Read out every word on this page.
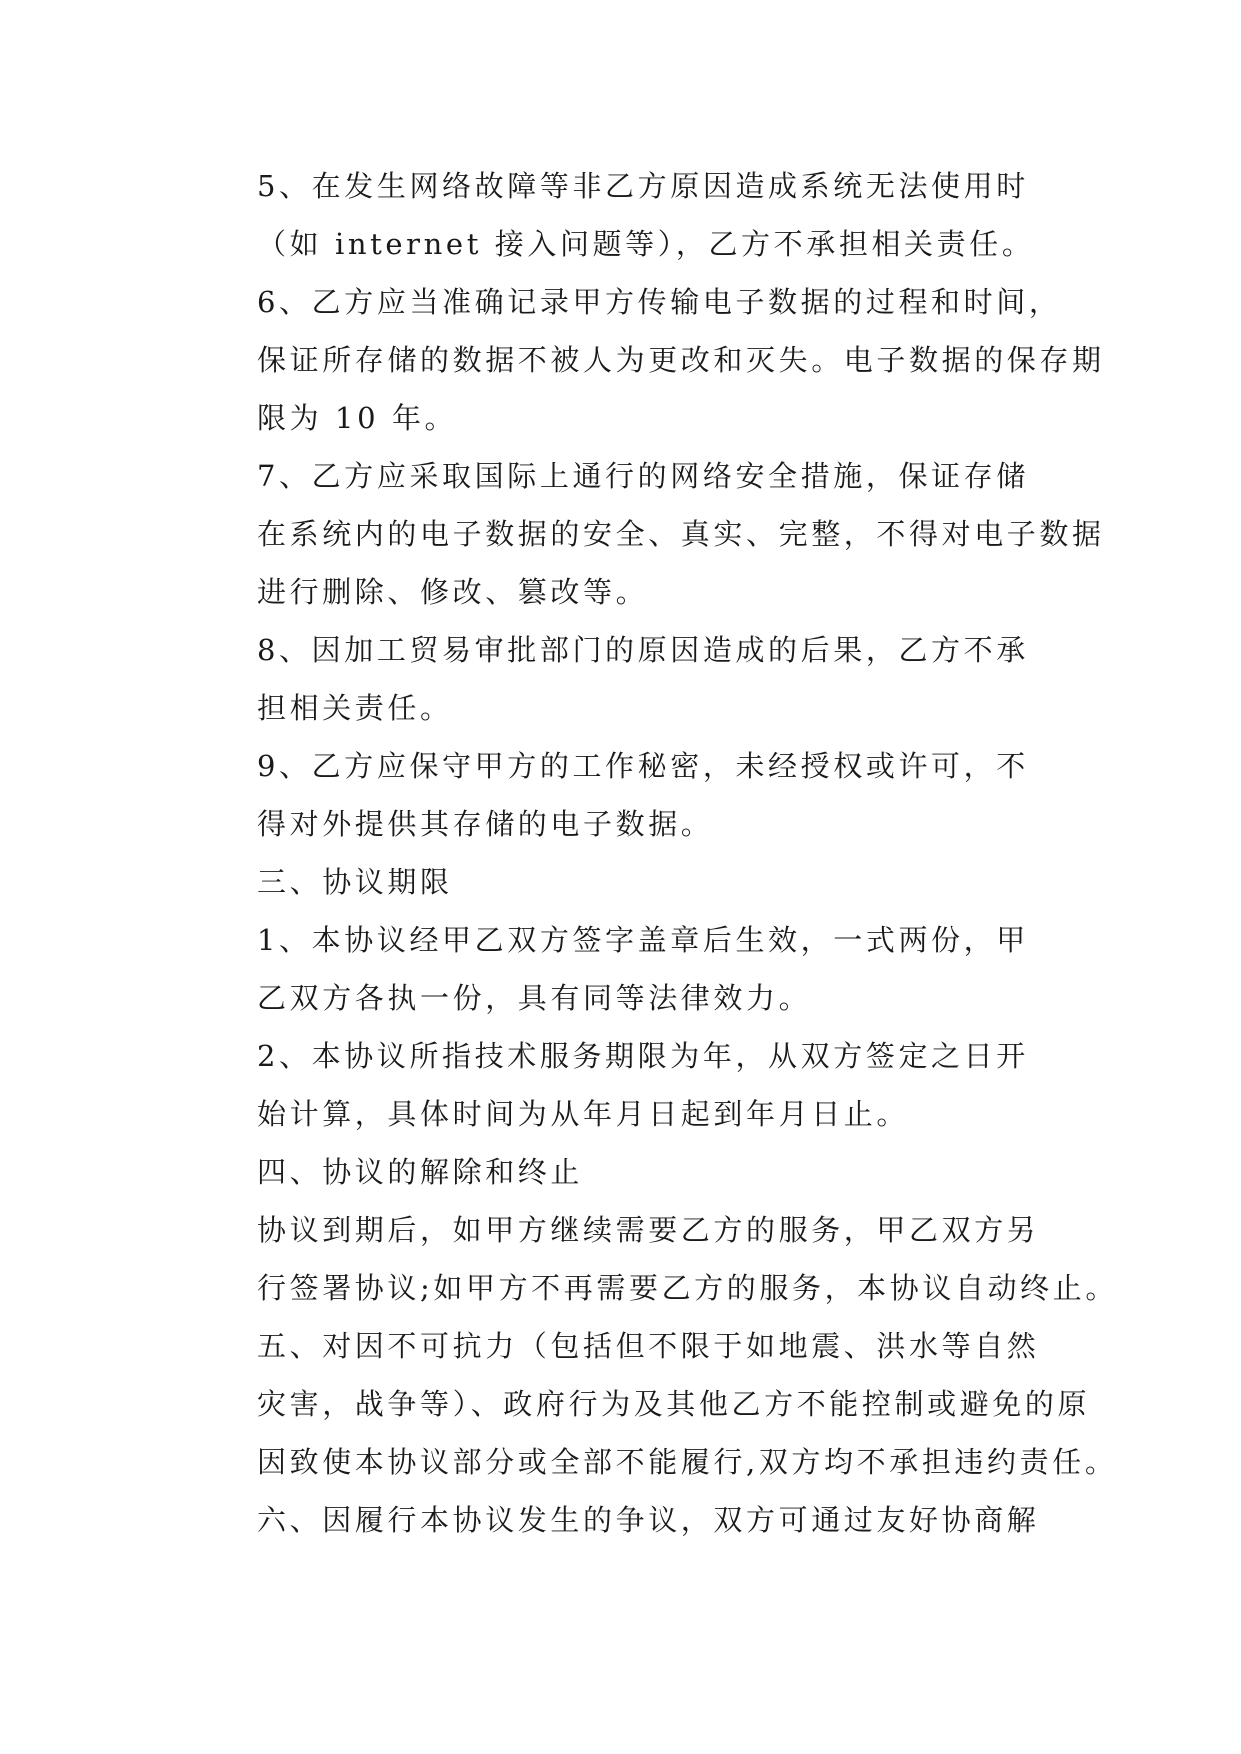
5、在发生网络故障等非乙方原因造成系统无法使用时
（如 internet 接入问题等），乙方不承担相关责任。

6、乙方应当准确记录甲方传输电子数据的过程和时间，
保证所存储的数据不被人为更改和灭失。电子数据的保存期
限为 10 年。

7、乙方应采取国际上通行的网络安全措施，保证存储
在系统内的电子数据的安全、真实、完整，不得对电子数据
进行删除、修改、篡改等。

8、因加工贸易审批部门的原因造成的后果，乙方不承
担相关责任。

9、乙方应保守甲方的工作秘密，未经授权或许可，不
得对外提供其存储的电子数据。

三、协议期限

1、本协议经甲乙双方签字盖章后生效，一式两份，甲
乙双方各执一份，具有同等法律效力。

2、本协议所指技术服务期限为年，从双方签定之日开
始计算，具体时间为从年月日起到年月日止。

四、协议的解除和终止

协议到期后，如甲方继续需要乙方的服务，甲乙双方另
行签署协议;如甲方不再需要乙方的服务，本协议自动终止。

五、对因不可抗力（包括但不限于如地震、洪水等自然
灾害，战争等）、政府行为及其他乙方不能控制或避免的原
因致使本协议部分或全部不能履行,双方均不承担违约责任。

六、因履行本协议发生的争议，双方可通过友好协商解
